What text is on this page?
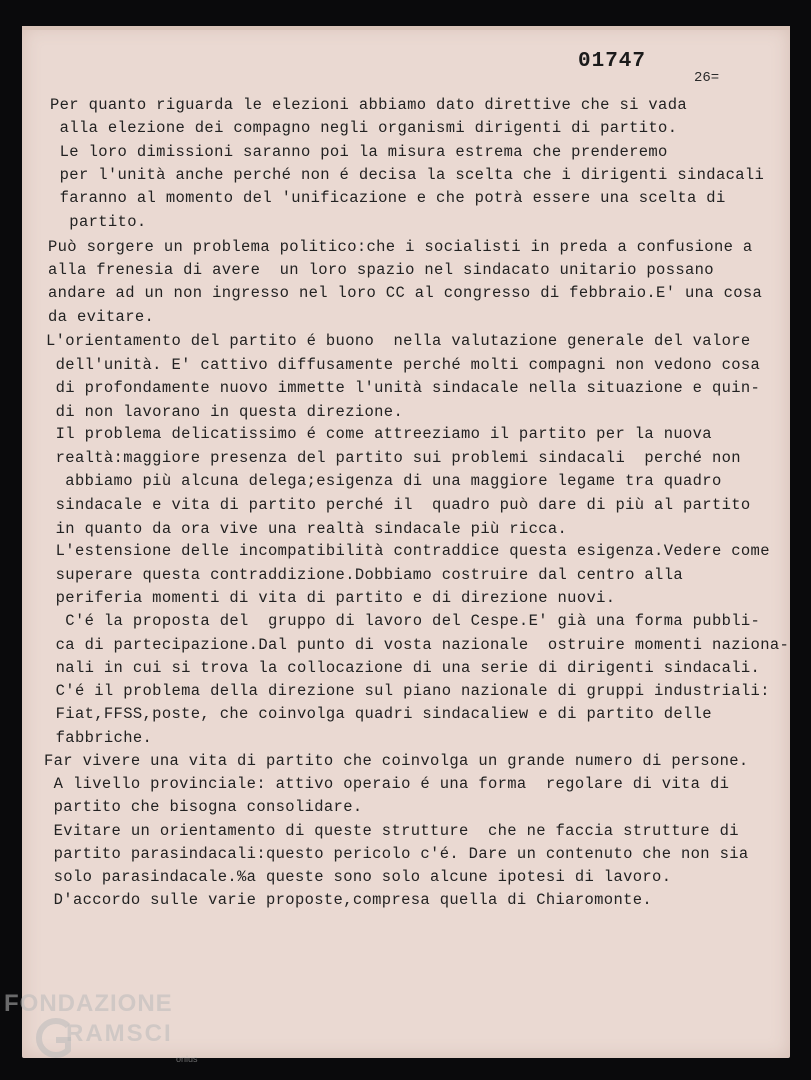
01747
26=
Per quanto riguarda le elezioni abbiamo dato direttive che si vada
alla elezione dei compagno negli organismi dirigenti di partito.
Le loro dimissioni saranno poi la misura estrema che prenderemo
per l'unità anche perché non é decisa la scelta che i dirigenti sindacali
faranno al momento del 'unificazione e che potrà essere una scelta di
partito.
Può sorgere un problema politico:che i socialisti in preda a confusione a
alla frenesia di avere  un loro spazio nel sindacato unitario possano
andare ad un non ingresso nel loro CC al congresso di febbraio.E' una cosa
da evitare.
L'orientamento del partito é buono  nella valutazione generale del valore
dell'unità. E' cattivo diffusamente perché molti compagni non vedono cosa
di profondamente nuovo immette l'unità sindacale nella situazione e quin-
di non lavorano in questa direzione.
Il problema delicatissimo é come attreeziamo il partito per la nuova
realtà:maggiore presenza del partito sui problemi sindacali  perché non
abbiamo più alcuna delega;esigenza di una maggiore legame tra quadro
sindacale e vita di partito perché il  quadro può dare di più al partito
in quanto da ora vive una realtà sindacale più ricca.
L'estensione delle incompatibilità contraddice questa esigenza.Vedere come
superare questa contraddizione.Dobbiamo costruire dal centro alla
periferia momenti di vita di partito e di direzione nuovi.
C'é la proposta del  gruppo di lavoro del Cespe.E' già una forma pubbli-
ca di partecipazione.Dal punto di vosta nazionale  ostruire momenti naziona-
nali in cui si trova la collocazione di una serie di dirigenti sindacali.
C'é il problema della direzione sul piano nazionale di gruppi industriali:
Fiat,FFSS,poste, che coinvolga quadri sindacaliew e di partito delle
fabbriche.
Far vivere una vita di partito che coinvolga un grande numero di persone.
A livello provinciale: attivo operaio é una forma  regolare di vita di
partito che bisogna consolidare.
Evitare un orientamento di queste strutture  che ne faccia strutture di
partito parasindacali:questo pericolo c'é. Dare un contenuto che non sia
solo parasindacale.%a queste sono solo alcune ipotesi di lavoro.
D'accordo sulle varie proposte,compresa quella di Chiaromonte.
FONDAZIONE
RAMSCI
onlus
